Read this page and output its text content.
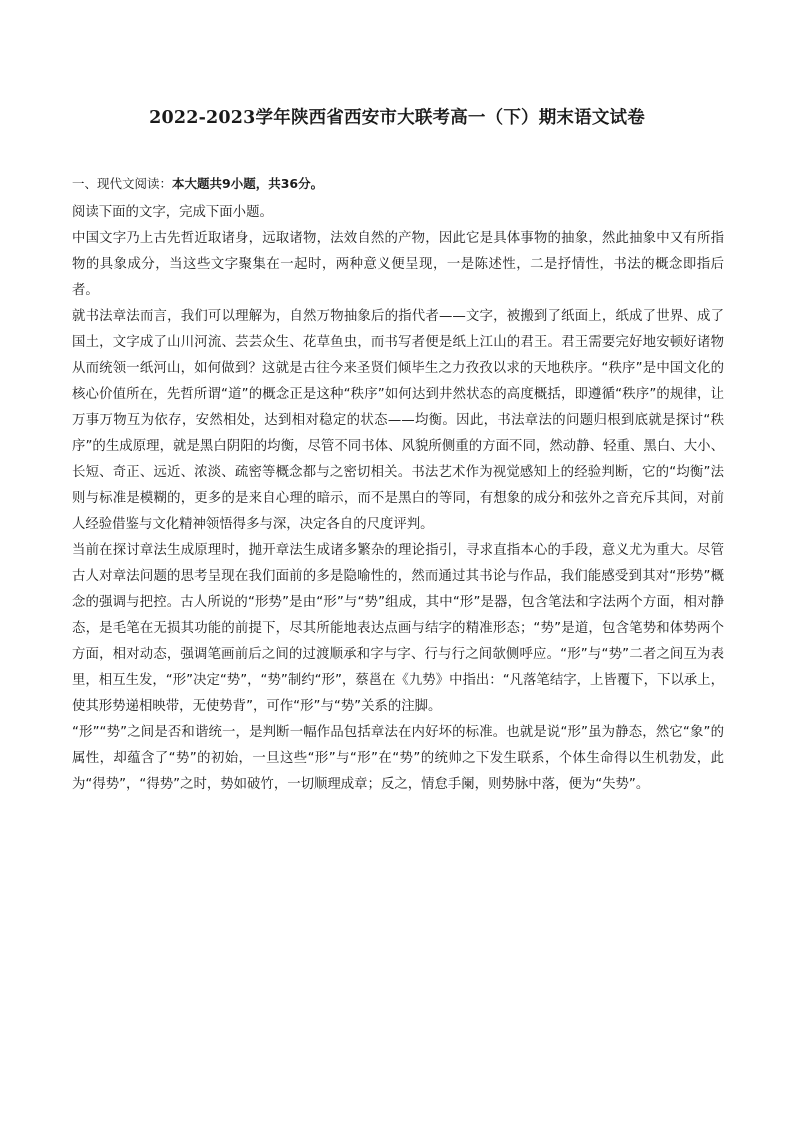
2022-2023学年陕西省西安市大联考高一（下）期末语文试卷
一、现代文阅读：本大题共9小题，共36分。

阅读下面的文字，完成下面小题。

中国文字乃上古先哲近取诸身，远取诸物，法效自然的产物，因此它是具体事物的抽象，然此抽象中又有所指物的具象成分，当这些文字聚集在一起时，两种意义便呈现，一是陈述性，二是抒情性，书法的概念即指后者。

就书法章法而言，我们可以理解为，自然万物抽象后的指代者——文字，被搬到了纸面上，纸成了世界、成了国土，文字成了山川河流、芸芸众生、花草鱼虫，而书写者便是纸上江山的君王。君王需要完好地安顿好诸物从而统领一纸河山，如何做到？这就是古往今来圣贤们倾毕生之力孜孜以求的天地秩序。“秩序”是中国文化的核心价值所在，先哲所谓“道”的概念正是这种“秩序”如何达到井然状态的高度概括，即遵循“秩序”的规律，让万事万物互为依存，安然相处，达到相对稳定的状态——均衡。因此，书法章法的问题归根到底就是探讨“秩序”的生成原理，就是黑白阴阳的均衡，尽管不同书体、风貌所侧重的方面不同，然动静、轻重、黑白、大小、长短、奇正、远近、浓淡、疏密等概念都与之密切相关。书法艺术作为视觉感知上的经验判断，它的“均衡”法则与标准是模糊的，更多的是来自心理的暗示，而不是黑白的等同，有想象的成分和弦外之音充斥其间，对前人经验借鉴与文化精神领悟得多与深，决定各自的尺度评判。

当前在探讨章法生成原理时，抛开章法生成诸多繁杂的理论指引，寻求直指本心的手段，意义尤为重大。尽管古人对章法问题的思考呈现在我们面前的多是隐喻性的，然而通过其书论与作品，我们能感受到其对“形势”概念的强调与把控。古人所说的“形势”是由“形”与“势”组成，其中“形”是器，包含笔法和字法两个方面，相对静态，是毛笔在无损其功能的前提下，尽其所能地表达点画与结字的精准形态；“势”是道，包含笔势和体势两个方面，相对动态，强调笔画前后之间的过渡顺承和字与字、行与行之间欹侧呼应。“形”与“势”二者之间互为表里，相互生发，“形”决定“势”，“势”制约“形”，蔡邕在《九势》中指出：“凡落笔结字，上皆覆下，下以承上，使其形势递相映带，无使势背”，可作“形”与“势”关系的注脚。

“形”“势”之间是否和谐统一，是判断一幅作品包括章法在内好坏的标准。也就是说“形”虽为静态，然它“象”的属性，却蕴含了“势”的初始，一旦这些“形”与“形”在“势”的统帅之下发生联系，个体生命得以生机勃发，此为“得势”，“得势”之时，势如破竹，一切顺理成章；反之，情怠手阑，则势脉中落，便为“失势”。
